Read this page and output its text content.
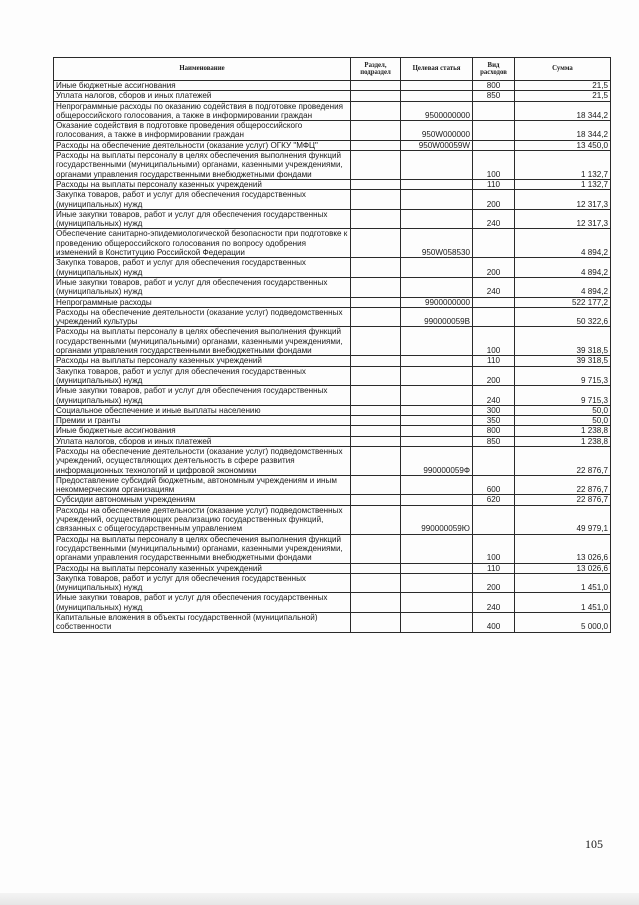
Наименование	Раздел, подраздел	Целевая статья	Вид расходов	Сумма
Иные бюджетные ассигнования			800	21,5
Уплата налогов, сборов и иных платежей			850	21,5
Непрограммные расходы по оказанию содействия в подготовке проведения общероссийского голосования, а также в информировании граждан		9500000000		18 344,2
Оказание содействия в подготовке проведения общероссийского голосования, а также в информировании граждан		950W000000		18 344,2
Расходы на обеспечение деятельности (оказание услуг) ОГКУ "МФЦ"		950W00059W		13 450,0
Расходы на выплаты персоналу в целях обеспечения выполнения функций государственными (муниципальными) органами, казенными учреждениями, органами управления государственными внебюджетными фондами			100	1 132,7
Расходы на выплаты персоналу казенных учреждений			110	1 132,7
Закупка товаров, работ и услуг для обеспечения государственных (муниципальных) нужд			200	12 317,3
Иные закупки товаров, работ и услуг для обеспечения государственных (муниципальных) нужд			240	12 317,3
Обеспечение санитарно-эпидемиологической безопасности при подготовке к проведению общероссийского голосования по вопросу одобрения изменений в Конституцию Российской Федерации		950W058530		4 894,2
Закупка товаров, работ и услуг для обеспечения государственных (муниципальных) нужд			200	4 894,2
Иные закупки товаров, работ и услуг для обеспечения государственных (муниципальных) нужд			240	4 894,2
Непрограммные расходы		9900000000		522 177,2
Расходы на обеспечение деятельности (оказание услуг) подведомственных учреждений культуры		990000059В		50 322,6
Расходы на выплаты персоналу в целях обеспечения выполнения функций государственными (муниципальными) органами, казенными учреждениями, органами управления государственными внебюджетными фондами			100	39 318,5
Расходы на выплаты персоналу казенных учреждений			110	39 318,5
Закупка товаров, работ и услуг для обеспечения государственных (муниципальных) нужд			200	9 715,3
Иные закупки товаров, работ и услуг для обеспечения государственных (муниципальных) нужд			240	9 715,3
Социальное обеспечение и иные выплаты населению			300	50,0
Премии и гранты			350	50,0
Иные бюджетные ассигнования			800	1 238,8
Уплата налогов, сборов и иных платежей			850	1 238,8
Расходы на обеспечение деятельности (оказание услуг) подведомственных учреждений, осуществляющих деятельность в сфере развития информационных технологий и цифровой экономики		990000059Ф		22 876,7
Предоставление субсидий бюджетным, автономным учреждениям и иным некоммерческим организациям			600	22 876,7
Субсидии автономным учреждениям			620	22 876,7
Расходы на обеспечение деятельности (оказание услуг) подведомственных учреждений, осуществляющих реализацию государственных функций, связанных с общегосударственным управлением		990000059Ю		49 979,1
Расходы на выплаты персоналу в целях обеспечения выполнения функций государственными (муниципальными) органами, казенными учреждениями, органами управления государственными внебюджетными фондами			100	13 026,6
Расходы на выплаты персоналу казенных учреждений			110	13 026,6
Закупка товаров, работ и услуг для обеспечения государственных (муниципальных) нужд			200	1 451,0
Иные закупки товаров, работ и услуг для обеспечения государственных (муниципальных) нужд			240	1 451,0
Капитальные вложения в объекты государственной (муниципальной) собственности			400	5 000,0
105
